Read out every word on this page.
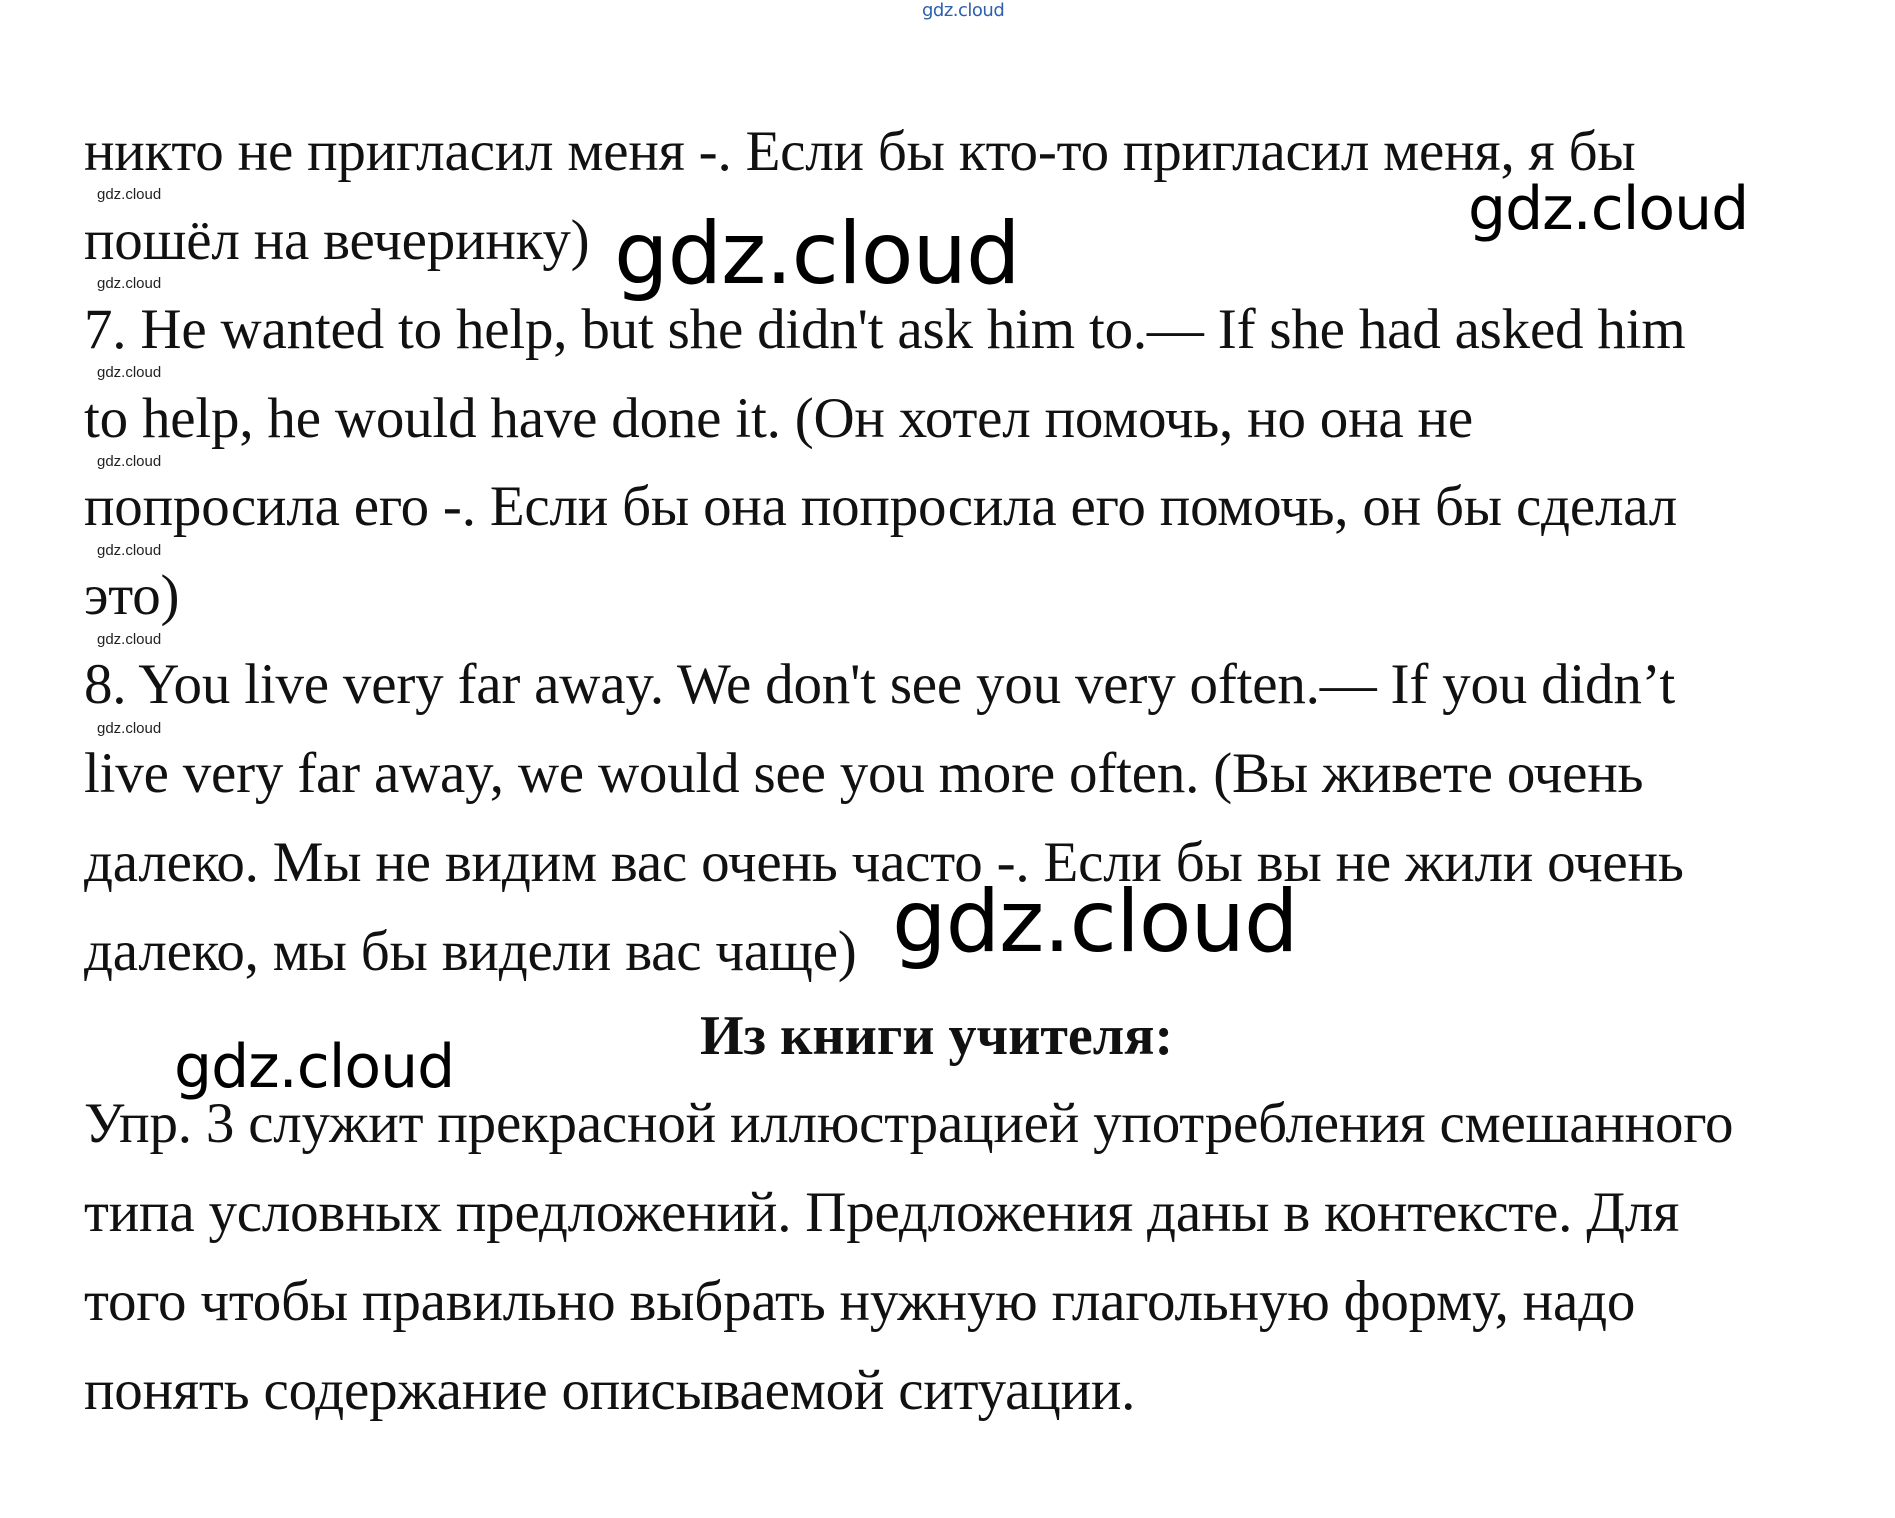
gdz.cloud
никто не пригласил меня -. Если бы кто-то пригласил меня, я бы
gdz.cloud
пошёл на вечеринку)
gdz.cloud
7. He wanted to help, but she didn't ask him to.— If she had asked him
gdz.cloud
to help, he would have done it. (Он хотел помочь, но она не
gdz.cloud
попросила его -. Если бы она попросила его помочь, он бы сделал
gdz.cloud
это)
gdz.cloud
8. You live very far away. We don't see you very often.— If you didn’t
gdz.cloud
live very far away, we would see you more often. (Вы живете очень
далеко. Мы не видим вас очень часто -. Если бы вы не жили очень
далеко, мы бы видели вас чаще)
gdz.cloud
gdz.cloud
gdz.cloud
gdz.cloud	Из книги учителя:
Упр. 3 служит прекрасной иллюстрацией употребления смешанного
типа условных предложений. Предложения даны в контексте. Для
того чтобы правильно выбрать нужную глагольную форму, надо
понять содержание описываемой ситуации.
